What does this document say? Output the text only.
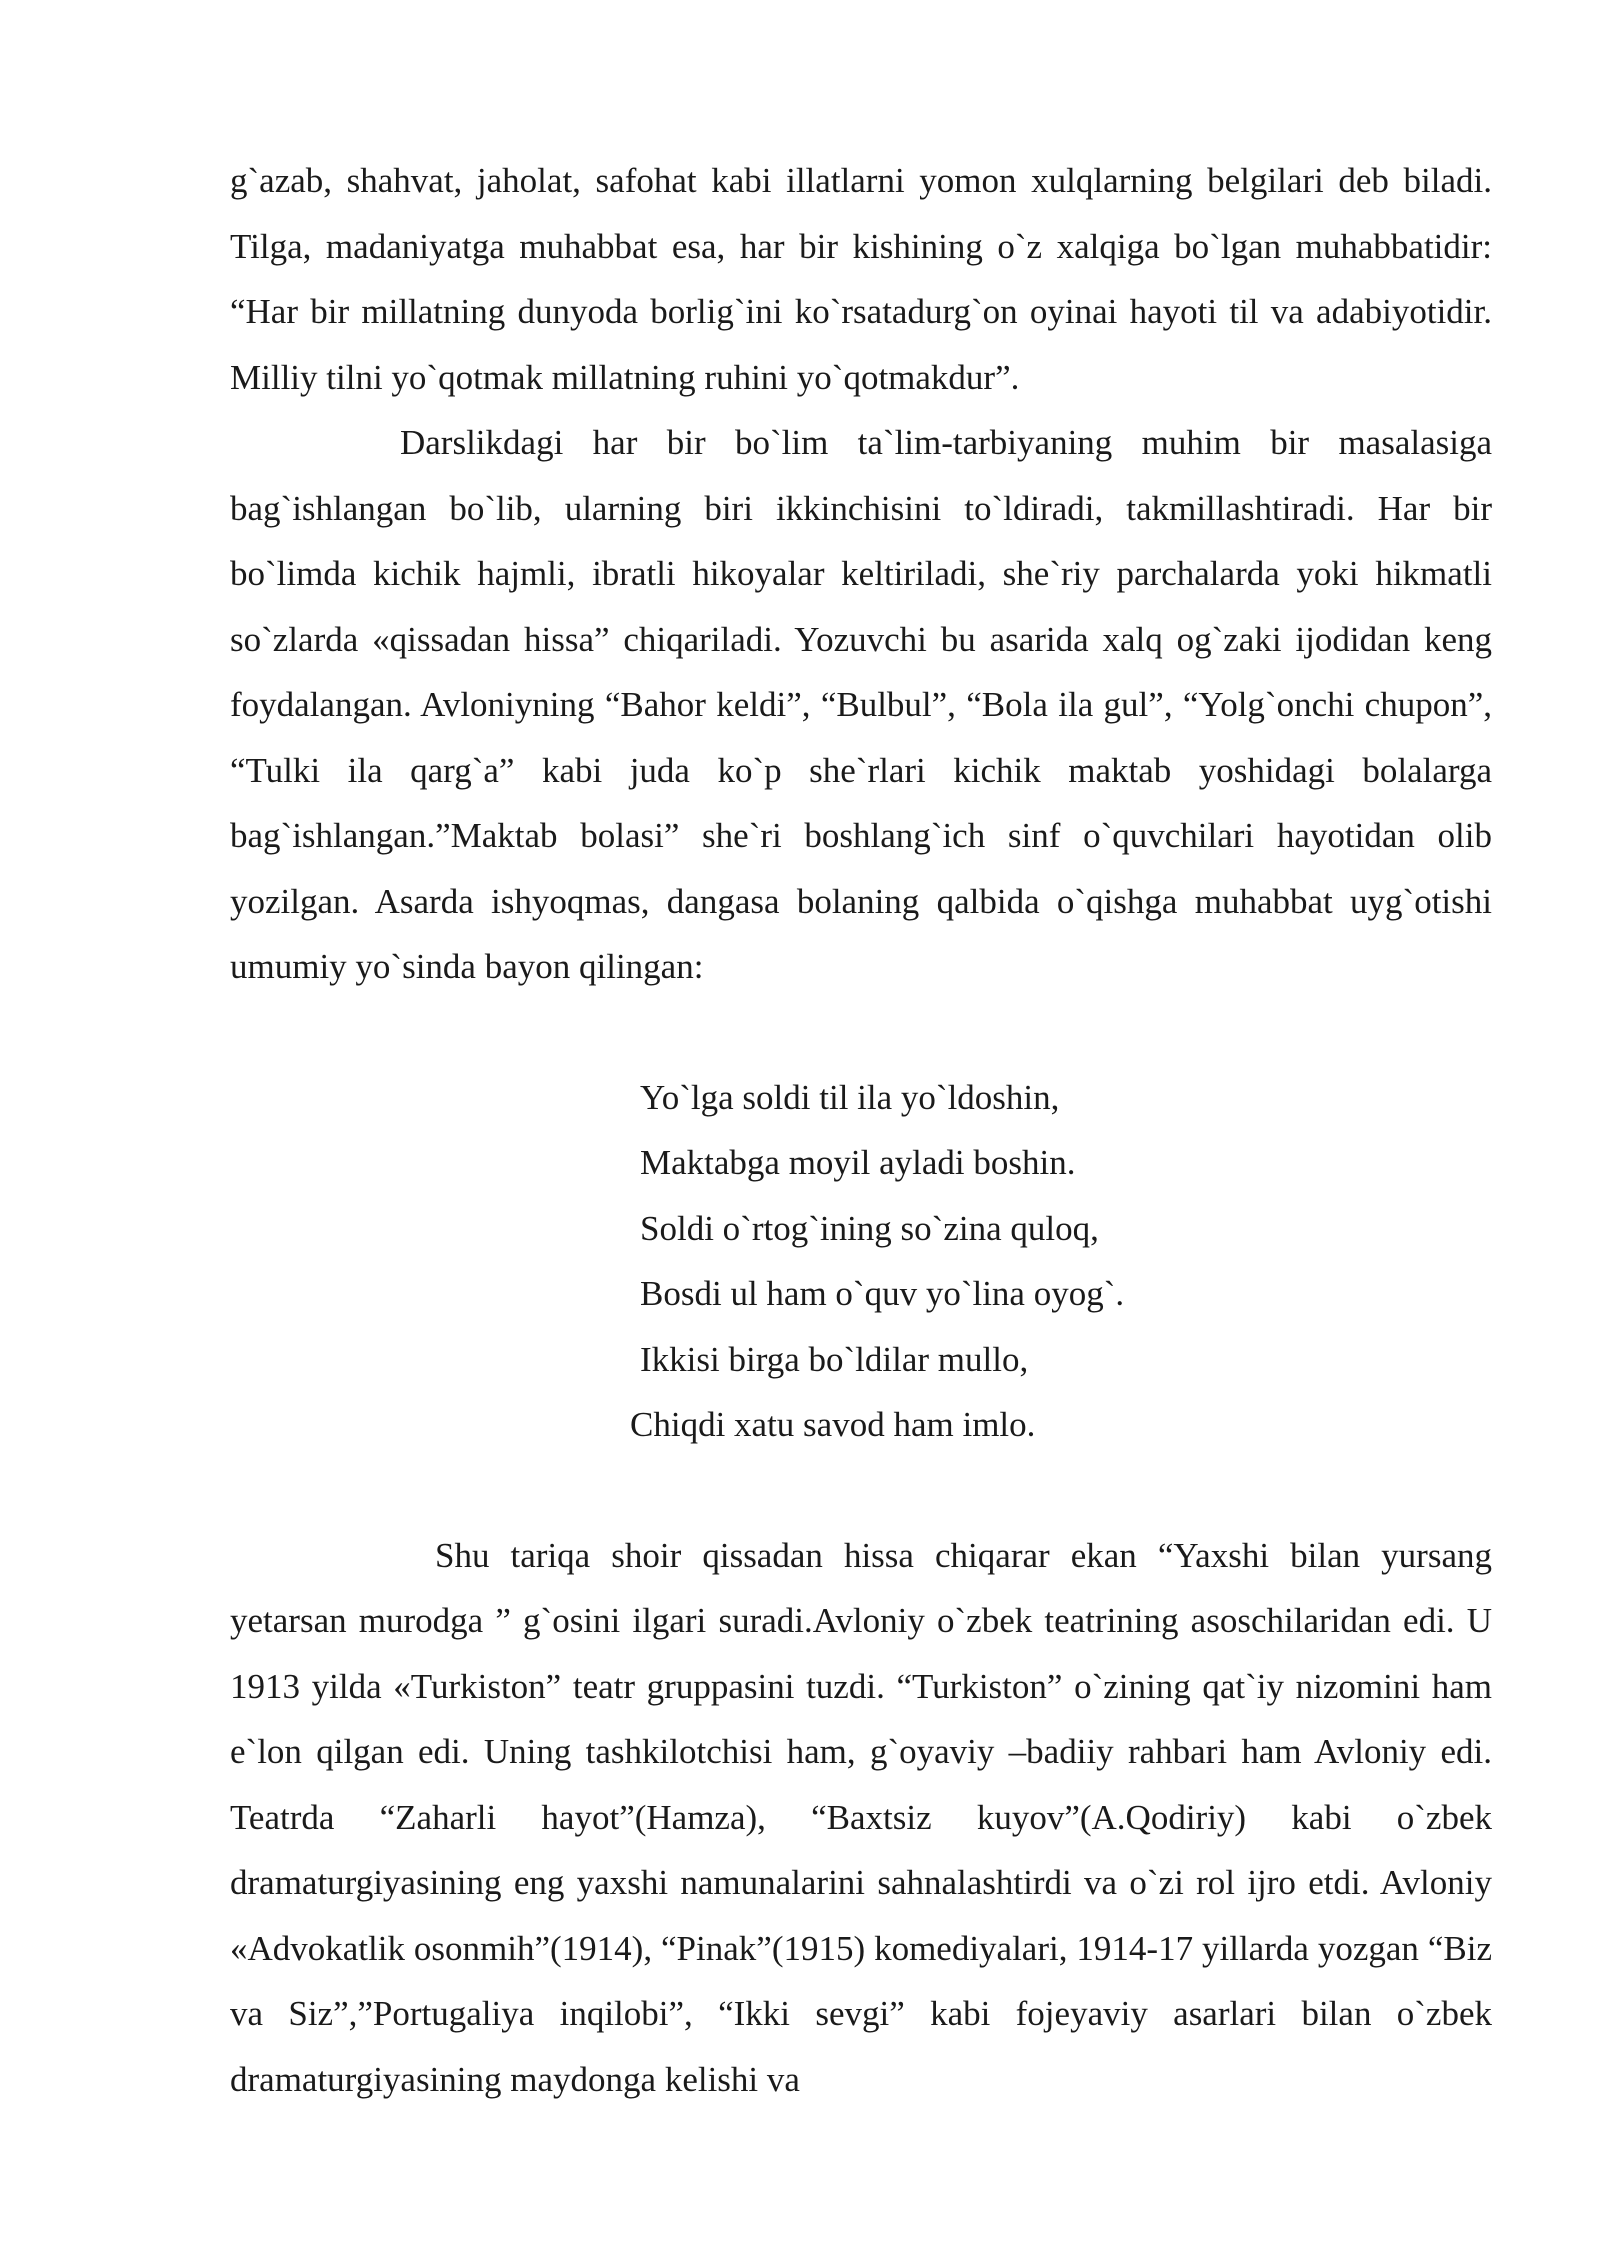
g`azab, shahvat, jaholat, safohat kabi illatlarni yomon xulqlarning belgilari deb biladi. Tilga, madaniyatga muhabbat esa, har bir kishining o`z xalqiga bo`lgan muhabbatidir: “Har bir millatning dunyoda borlig`ini ko`rsatadurg`on oyinai hayoti til va adabiyotidir. Milliy tilni yo`qotmak millatning ruhini yo`qotmakdur”.

Darslikdagi har bir bo`lim ta`lim-tarbiyaning muhim bir masalasiga bag`ishlangan bo`lib, ularning biri ikkinchisini to`ldiradi, takmillashtiradi. Har bir bo`limda kichik hajmli, ibratli hikoyalar keltiriladi, she`riy parchalarda yoki hikmatli so`zlarda «qissadan hissa” chiqariladi. Yozuvchi bu asarida xalq og`zaki ijodidan keng foydalangan. Avloniyning “Bahor keldi”, “Bulbul”, “Bola ila gul”, “Yolg`onchi chupon”, “Tulki ila qarg`a” kabi juda ko`p she`rlari kichik maktab yoshidagi bolalarga bag`ishlangan.”Maktab bolasi” she`ri boshlang`ich sinf o`quvchilari hayotidan olib yozilgan. Asarda ishyoqmas, dangasa bolaning qalbida o`qishga muhabbat uyg`otishi umumiy yo`sinda bayon qilingan:

Yo`lga soldi til ila yo`ldoshin,
Maktabga moyil ayladi boshin.
Soldi o`rtog`ining so`zina quloq,
Bosdi ul ham o`quv yo`lina oyog`.
Ikkisi birga bo`ldilar mullo,
Chiqdi xatu savod ham imlo.

Shu tariqa shoir qissadan hissa chiqarar ekan “Yaxshi bilan yursang yetarsan murodga ” g`osini ilgari suradi.Avloniy o`zbek teatrining asoschilaridan edi. U 1913 yilda «Turkiston” teatr gruppasini tuzdi. “Turkiston” o`zining qat`iy nizomini ham e`lon qilgan edi. Uning tashkilotchisi ham, g`oyaviy –badiiy rahbari ham Avloniy edi. Teatrda “Zaharli hayot”(Hamza), “Baxtsiz kuyov”(A.Qodiriy) kabi o`zbek dramaturgiyasining eng yaxshi namunalarini sahnalashtirdi va o`zi rol ijro etdi. Avloniy «Advokatlik osonmih”(1914), “Pinak”(1915) komediyalari, 1914-17 yillarda yozgan “Biz va Siz”,”Portugaliya inqilobi”, “Ikki sevgi” kabi fojeyaviy asarlari bilan o`zbek dramaturgiyasining maydonga kelishi va
